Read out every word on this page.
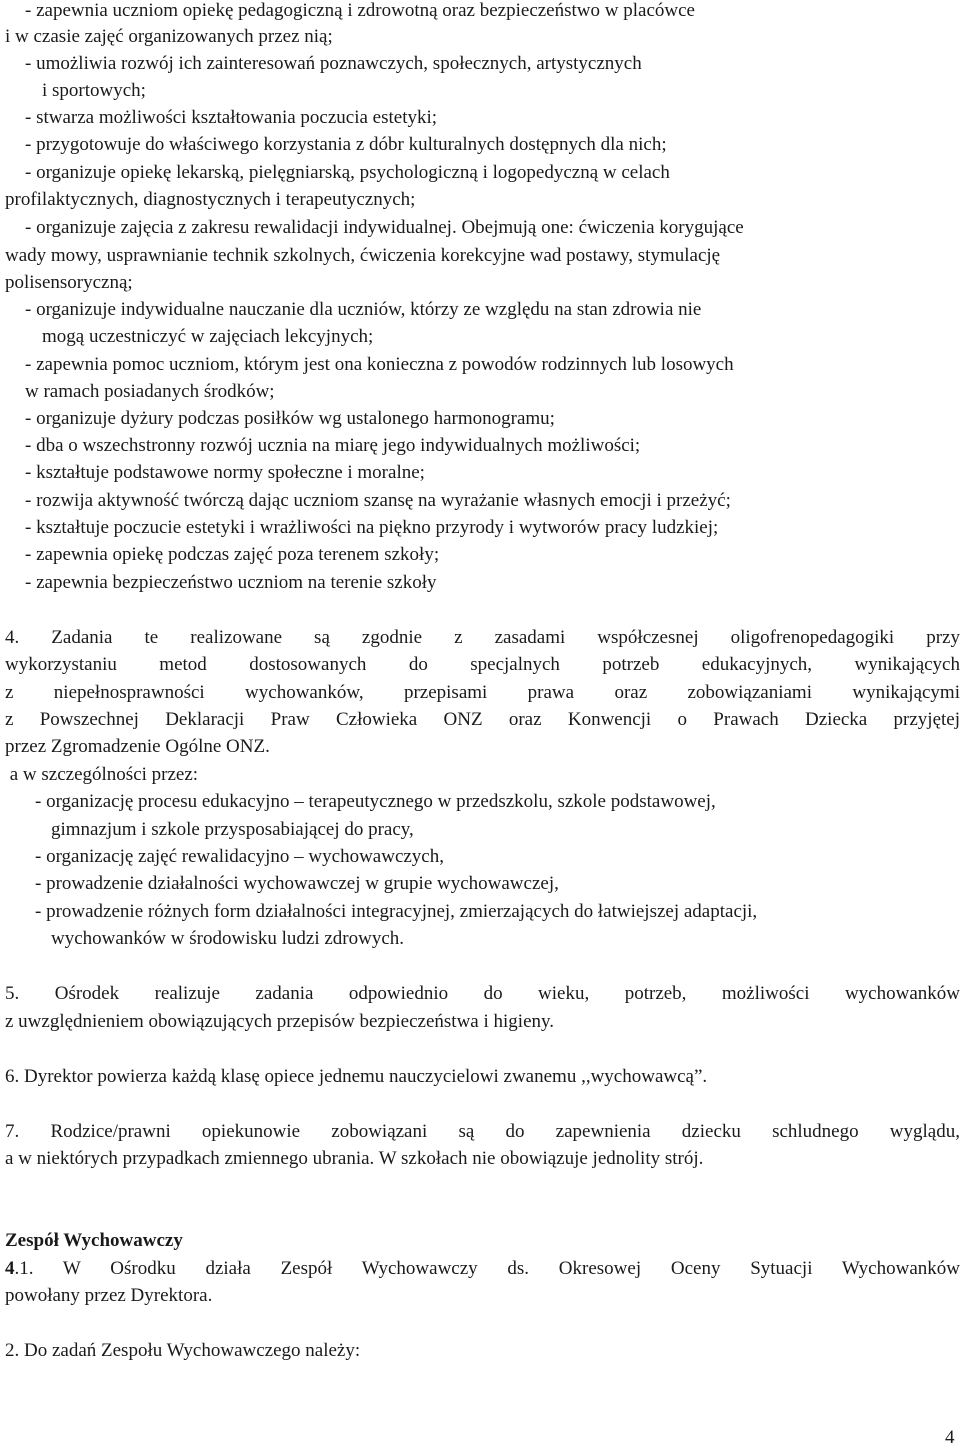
- zapewnia uczniom opiekę pedagogiczną i zdrowotną oraz bezpieczeństwo w placówce
i w czasie zajęć organizowanych przez nią;
- umożliwia rozwój ich zainteresowań poznawczych, społecznych, artystycznych
i sportowych;
- stwarza możliwości kształtowania poczucia estetyki;
- przygotowuje do właściwego korzystania z dóbr kulturalnych dostępnych dla nich;
- organizuje opiekę lekarską, pielęgniarską, psychologiczną i logopedyczną w celach
profilaktycznych, diagnostycznych i terapeutycznych;
- organizuje zajęcia z zakresu rewalidacji indywidualnej. Obejmują one: ćwiczenia korygujące
wady mowy, usprawnianie technik szkolnych, ćwiczenia korekcyjne wad postawy, stymulację
polisensoryczną;
- organizuje indywidualne nauczanie dla uczniów, którzy ze względu na stan zdrowia nie
mogą uczestniczyć w zajęciach lekcyjnych;
- zapewnia pomoc uczniom, którym jest ona konieczna z powodów rodzinnych lub losowych
w ramach posiadanych środków;
- organizuje dyżury podczas posiłków wg ustalonego harmonogramu;
- dba o wszechstronny rozwój ucznia na miarę jego indywidualnych możliwości;
- kształtuje podstawowe normy społeczne i moralne;
- rozwija aktywność twórczą dając uczniom szansę na wyrażanie własnych emocji i przeżyć;
- kształtuje poczucie estetyki i wrażliwości na piękno przyrody i wytworów pracy ludzkiej;
- zapewnia opiekę podczas zajęć poza terenem szkoły;
- zapewnia bezpieczeństwo uczniom na terenie szkoły
4. Zadania te realizowane są zgodnie z zasadami współczesnej oligofrenopedagogiki przy
wykorzystaniu metod dostosowanych do specjalnych potrzeb edukacyjnych, wynikających
z niepełnosprawności wychowanków, przepisami prawa oraz zobowiązaniami wynikającymi
z Powszechnej Deklaracji Praw Człowieka ONZ oraz Konwencji o Prawach Dziecka przyjętej
przez Zgromadzenie Ogólne ONZ.
a w szczególności przez:
- organizację procesu edukacyjno – terapeutycznego w przedszkolu, szkole podstawowej,
gimnazjum i szkole przysposabiającej do pracy,
- organizację zajęć rewalidacyjno – wychowawczych,
- prowadzenie działalności wychowawczej w grupie wychowawczej,
- prowadzenie różnych form działalności integracyjnej, zmierzających do łatwiejszej adaptacji,
wychowanków w środowisku ludzi zdrowych.
5. Ośrodek realizuje zadania odpowiednio do wieku, potrzeb, możliwości wychowanków
z uwzględnieniem obowiązujących przepisów bezpieczeństwa i higieny.
6. Dyrektor powierza każdą klasę opiece jednemu nauczycielowi zwanemu ,,wychowawcą”.
7. Rodzice/prawni opiekunowie zobowiązani są do zapewnienia dziecku schludnego wyglądu,
a w niektórych przypadkach zmiennego ubrania. W szkołach nie obowiązuje jednolity strój.
Zespół Wychowawczy
4.1. W Ośrodku działa Zespół Wychowawczy ds. Okresowej Oceny Sytuacji Wychowanków
powołany przez Dyrektora.
2. Do zadań Zespołu Wychowawczego należy:
4
